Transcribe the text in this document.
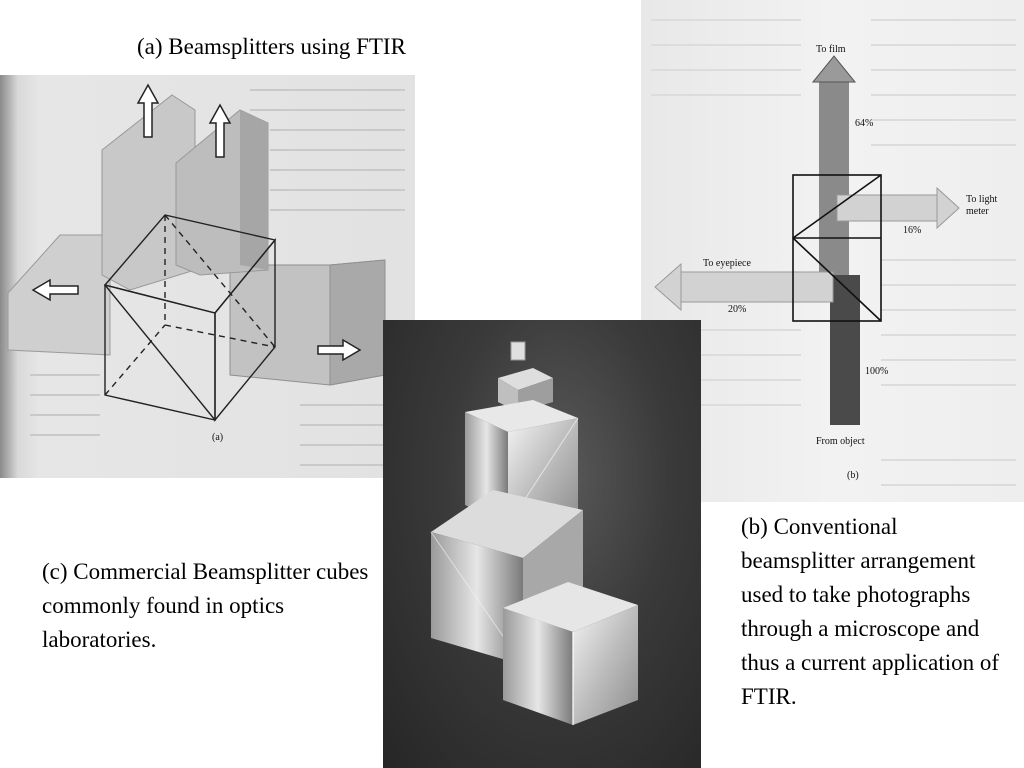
(a) Beamsplitters using FTIR

(c) Commercial Beamsplitter cubes commonly found in optics laboratories.

(b) Conventional beamsplitter arrangement used to take photographs through a microscope and thus a current application of FTIR.

(a)
To film
64%
To light
meter
16%
To eyepiece
20%
100%
From object
(b)
